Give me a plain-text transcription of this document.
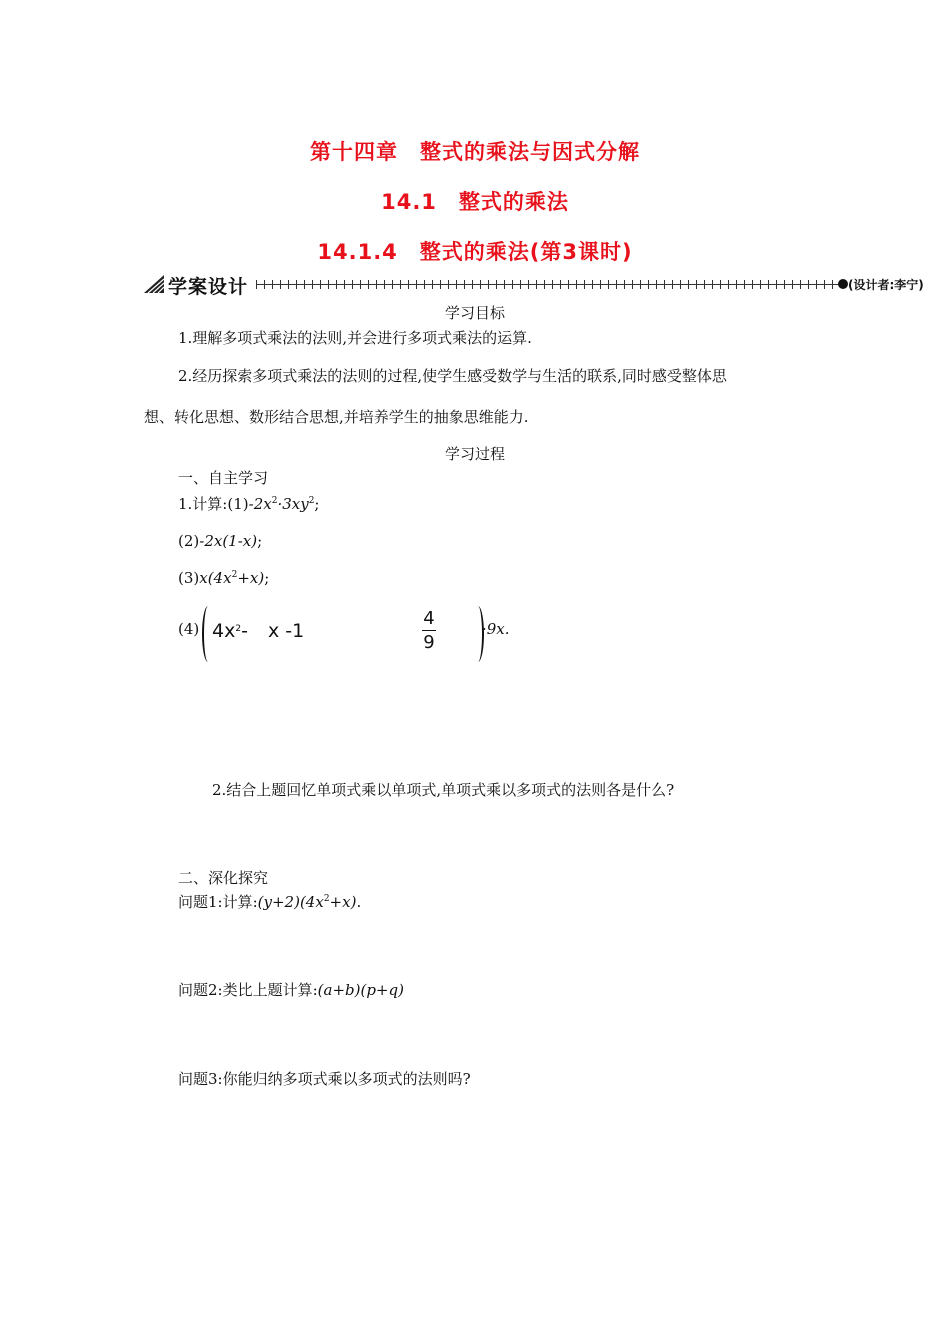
第十四章　整式的乘法与因式分解
14.1　整式的乘法
14.1.4　整式的乘法(第3课时)
学案设计	(设计者:李宁)
学习目标
1.理解多项式乘法的法则,并会进行多项式乘法的运算.
2.经历探索多项式乘法的法则的过程,使学生感受数学与生活的联系,同时感受整体思
想、转化思想、数形结合思想,并培养学生的抽象思维能力.
学习过程
一、自主学习
1.计算$:(1)-2x^2\cdot 3xy^2$;
(2)-2x(1-x);
$(3)x(4x^2+x)$;
(4) $4x^2-$ x -1
4
9
·9x.
2.结合上题回忆单项式乘以单项式,单项式乘以多项式的法则各是什么?
二、深化探究
问题1:计算$:(y+2)(4x^2+x)$.
问题2:类比上题计算:(a+b)(p+q)
问题3:你能归纳多项式乘以多项式的法则吗?
